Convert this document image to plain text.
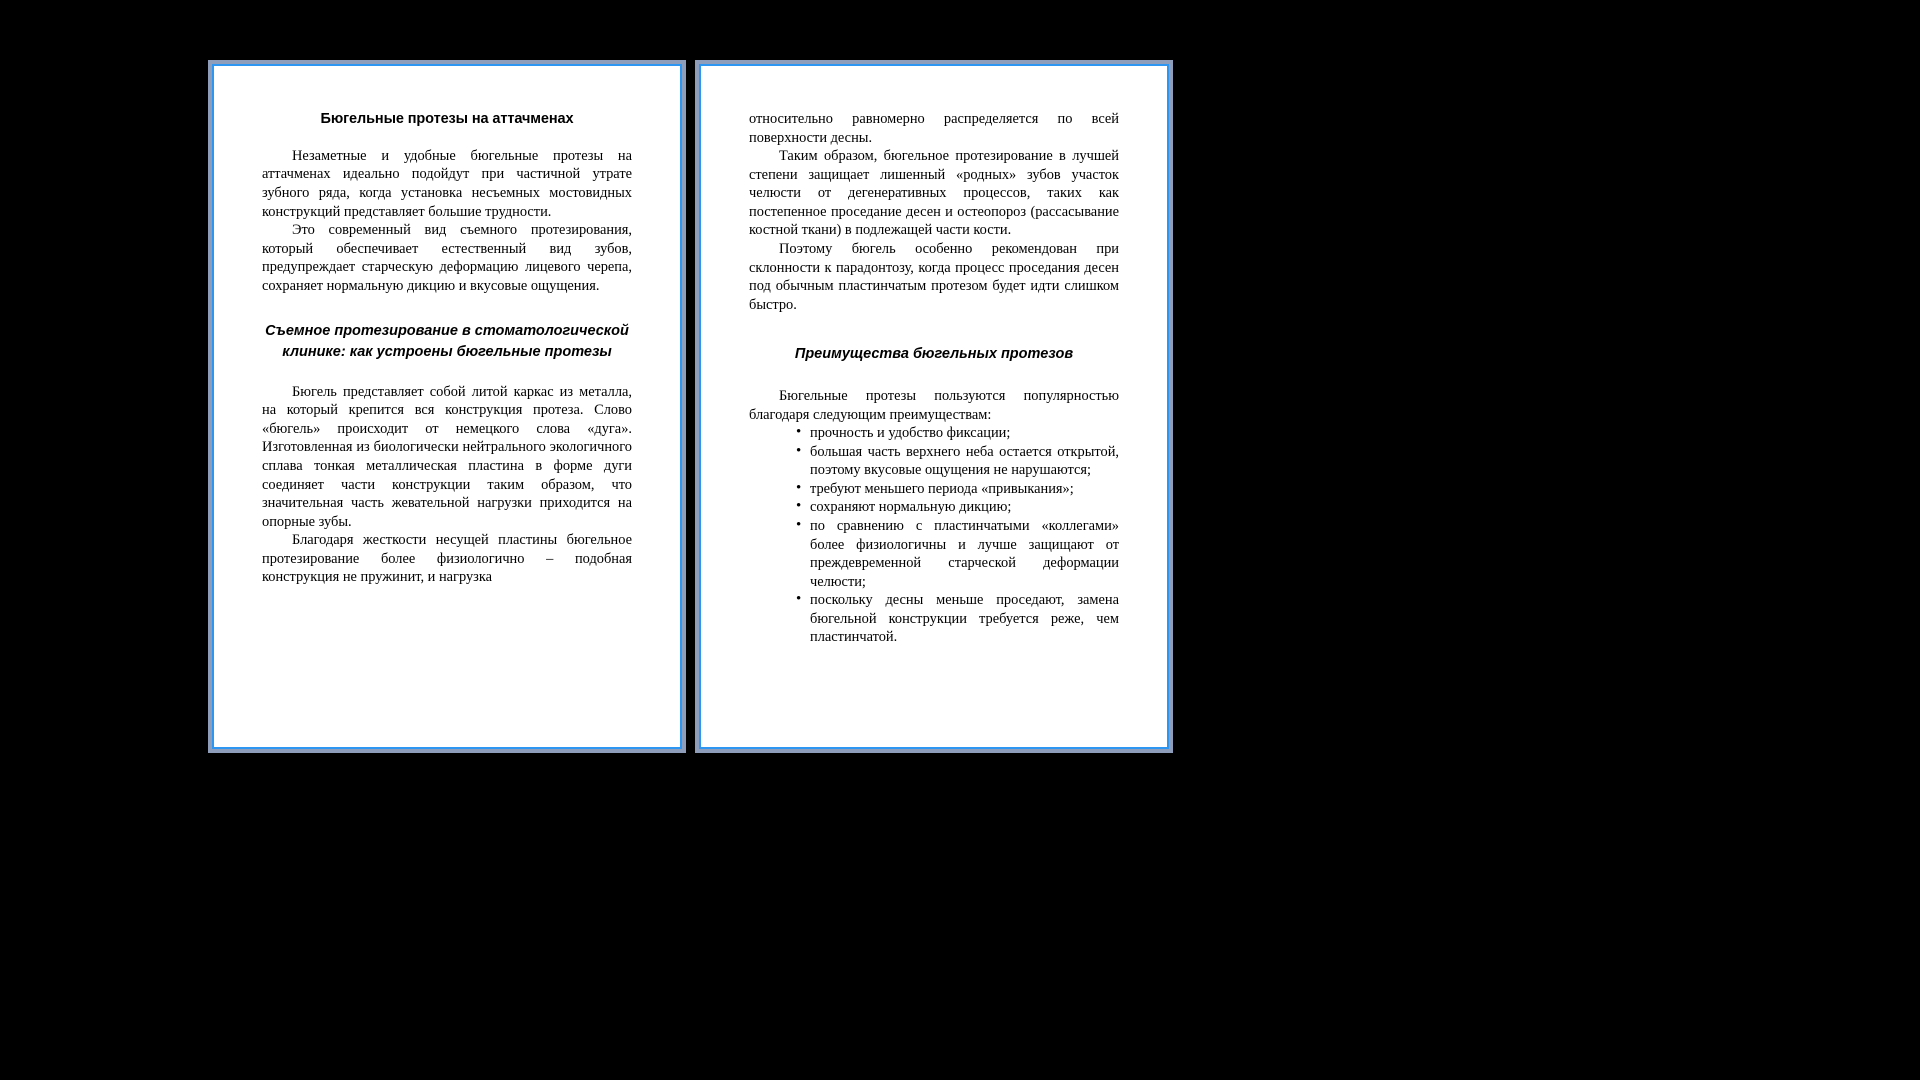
Бюгельные протезы на аттачменах

Незаметные и удобные бюгельные протезы на аттачменах идеально подойдут при частичной утрате зубного ряда, когда установка несъемных мостовидных конструкций представляет большие трудности.

Это современный вид съемного протезирования, который обеспечивает естественный вид зубов, предупреждает старческую деформацию лицевого черепа, сохраняет нормальную дикцию и вкусовые ощущения.

Съемное протезирование в стоматологической клинике: как устроены бюгельные протезы

Бюгель представляет собой литой каркас из металла, на который крепится вся конструкция протеза. Слово «бюгель» происходит от немецкого слова «дуга». Изготовленная из биологически нейтрального экологичного сплава тонкая металлическая пластина в форме дуги соединяет части конструкции таким образом, что значительная часть жевательной нагрузки приходится на опорные зубы.

Благодаря жесткости несущей пластины бюгельное протезирование более физиологично – подобная конструкция не пружинит, и нагрузка

относительно равномерно распределяется по всей поверхности десны.

Таким образом, бюгельное протезирование в лучшей степени защищает лишенный «родных» зубов участок челюсти от дегенеративных процессов, таких как постепенное проседание десен и остеопороз (рассасывание костной ткани) в подлежащей части кости.

Поэтому бюгель особенно рекомендован при склонности к парадонтозу, когда процесс проседания десен под обычным пластинчатым протезом будет идти слишком быстро.

Преимущества бюгельных протезов

Бюгельные протезы пользуются популярностью благодаря следующим преимуществам:

• прочность и удобство фиксации;
• большая часть верхнего неба остается открытой, поэтому вкусовые ощущения не нарушаются;
• требуют меньшего периода «привыкания»;
• сохраняют нормальную дикцию;
• по сравнению с пластинчатыми «коллегами» более физиологичны и лучше защищают от преждевременной старческой деформации челюсти;
• поскольку десны меньше проседают, замена бюгельной конструкции требуется реже, чем пластинчатой.
